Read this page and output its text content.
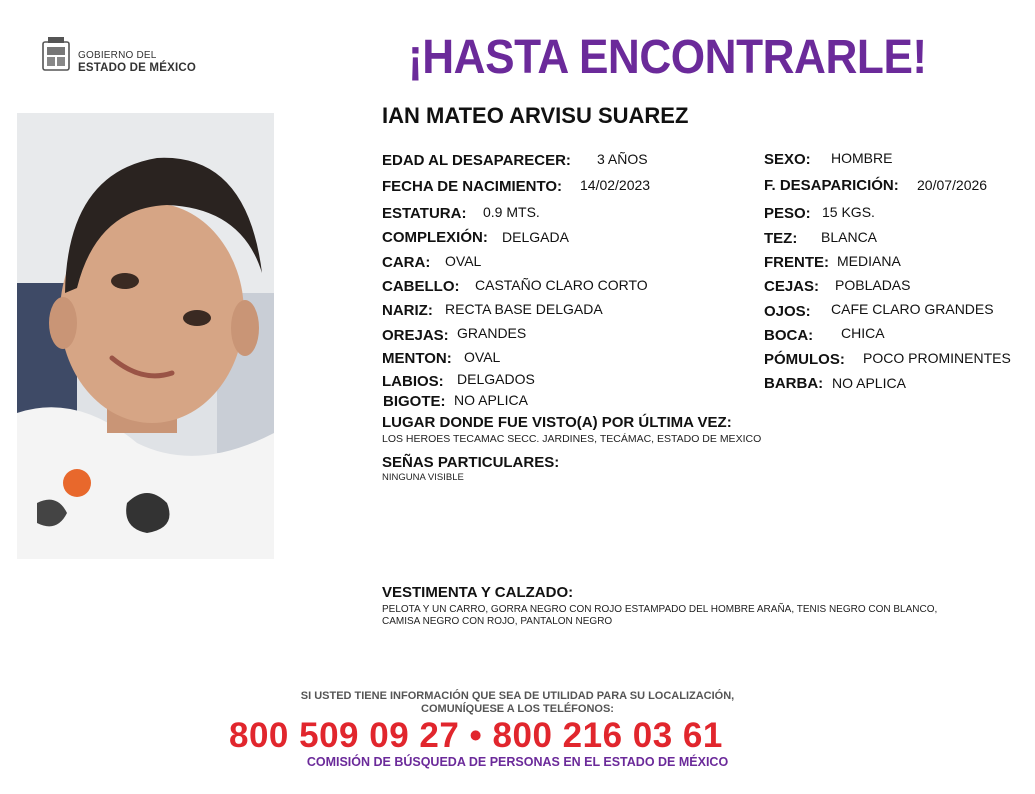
GOBIERNO DEL
ESTADO DE MÉXICO	¡HASTA ENCONTRARLE!
IAN MATEO ARVISU SUAREZ
EDAD AL DESAPARECER: 3 AÑOS
FECHA DE NACIMIENTO: 14/02/2023
ESTATURA: 0.9 MTS.
COMPLEXIÓN: DELGADA
CARA: OVAL
CABELLO: CASTAÑO CLARO CORTO
NARIZ: RECTA BASE DELGADA
OREJAS: GRANDES
MENTON: OVAL
LABIOS: DELGADOS
BIGOTE: NO APLICA
SEXO: HOMBRE
F. DESAPARICIÓN: 20/07/2026
PESO: 15 KGS.
TEZ: BLANCA
FRENTE: MEDIANA
CEJAS: POBLADAS
OJOS: CAFE CLARO GRANDES
BOCA: CHICA
PÓMULOS: POCO PROMINENTES
BARBA: NO APLICA
LUGAR DONDE FUE VISTO(A) POR ÚLTIMA VEZ:
LOS HEROES TECAMAC SECC. JARDINES, TECÁMAC, ESTADO DE MEXICO
SEÑAS PARTICULARES:
NINGUNA VISIBLE
VESTIMENTA Y CALZADO:
PELOTA Y UN CARRO, GORRA NEGRO CON ROJO ESTAMPADO DEL HOMBRE ARAÑA, TENIS NEGRO CON BLANCO,
CAMISA NEGRO CON ROJO, PANTALON NEGRO
SI USTED TIENE INFORMACIÓN QUE SEA DE UTILIDAD PARA SU LOCALIZACIÓN,
COMUNÍQUESE A LOS TELÉFONOS:
800 509 09 27 • 800 216 03 61
COMISIÓN DE BÚSQUEDA DE PERSONAS EN EL ESTADO DE MÉXICO
